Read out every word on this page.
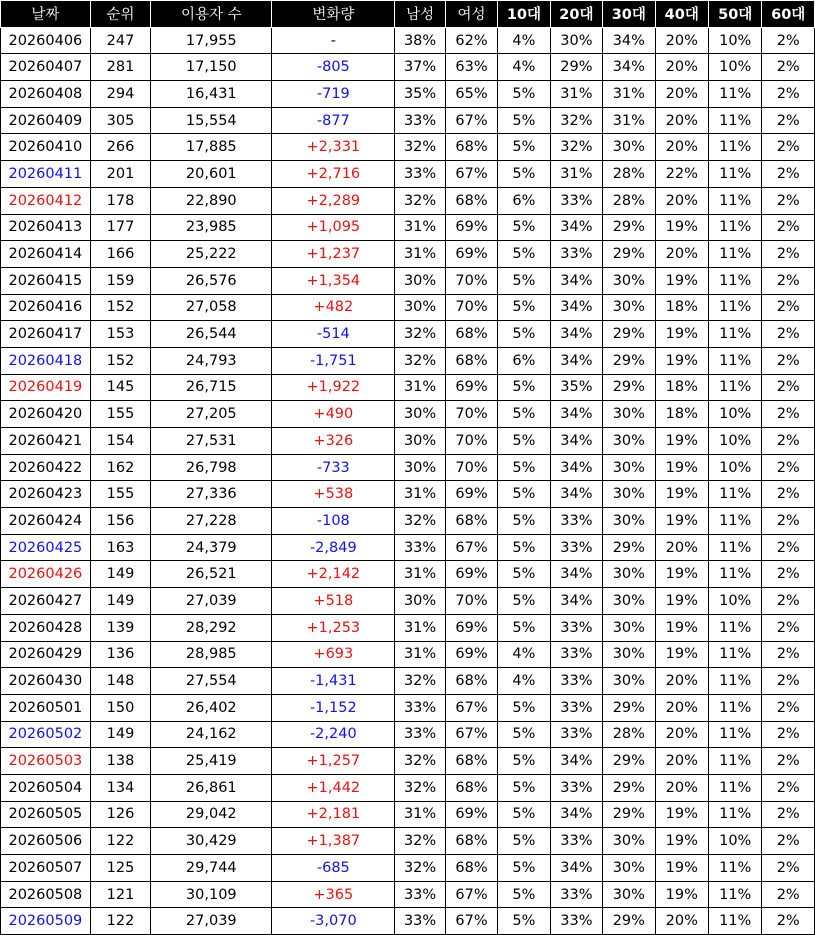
날짜	순위	이용자 수	변화량	남성	여성	10대	20대	30대	40대	50대	60대
20260406	247	17,955	-	38%	62%	4%	30%	34%	20%	10%	2%
20260407	281	17,150	-805	37%	63%	4%	29%	34%	20%	10%	2%
20260408	294	16,431	-719	35%	65%	5%	31%	31%	20%	11%	2%
20260409	305	15,554	-877	33%	67%	5%	32%	31%	20%	11%	2%
20260410	266	17,885	+2,331	32%	68%	5%	32%	30%	20%	11%	2%
20260411	201	20,601	+2,716	33%	67%	5%	31%	28%	22%	11%	2%
20260412	178	22,890	+2,289	32%	68%	6%	33%	28%	20%	11%	2%
20260413	177	23,985	+1,095	31%	69%	5%	34%	29%	19%	11%	2%
20260414	166	25,222	+1,237	31%	69%	5%	33%	29%	20%	11%	2%
20260415	159	26,576	+1,354	30%	70%	5%	34%	30%	19%	11%	2%
20260416	152	27,058	+482	30%	70%	5%	34%	30%	18%	11%	2%
20260417	153	26,544	-514	32%	68%	5%	34%	29%	19%	11%	2%
20260418	152	24,793	-1,751	32%	68%	6%	34%	29%	19%	11%	2%
20260419	145	26,715	+1,922	31%	69%	5%	35%	29%	18%	11%	2%
20260420	155	27,205	+490	30%	70%	5%	34%	30%	18%	10%	2%
20260421	154	27,531	+326	30%	70%	5%	34%	30%	19%	10%	2%
20260422	162	26,798	-733	30%	70%	5%	34%	30%	19%	10%	2%
20260423	155	27,336	+538	31%	69%	5%	34%	30%	19%	11%	2%
20260424	156	27,228	-108	32%	68%	5%	33%	30%	19%	11%	2%
20260425	163	24,379	-2,849	33%	67%	5%	33%	29%	20%	11%	2%
20260426	149	26,521	+2,142	31%	69%	5%	34%	30%	19%	11%	2%
20260427	149	27,039	+518	30%	70%	5%	34%	30%	19%	10%	2%
20260428	139	28,292	+1,253	31%	69%	5%	33%	30%	19%	11%	2%
20260429	136	28,985	+693	31%	69%	4%	33%	30%	19%	11%	2%
20260430	148	27,554	-1,431	32%	68%	4%	33%	30%	20%	11%	2%
20260501	150	26,402	-1,152	33%	67%	5%	33%	29%	20%	11%	2%
20260502	149	24,162	-2,240	33%	67%	5%	33%	28%	20%	11%	2%
20260503	138	25,419	+1,257	32%	68%	5%	34%	29%	20%	11%	2%
20260504	134	26,861	+1,442	32%	68%	5%	33%	29%	20%	11%	2%
20260505	126	29,042	+2,181	31%	69%	5%	34%	29%	19%	11%	2%
20260506	122	30,429	+1,387	32%	68%	5%	33%	30%	19%	10%	2%
20260507	125	29,744	-685	32%	68%	5%	34%	30%	19%	11%	2%
20260508	121	30,109	+365	33%	67%	5%	33%	30%	19%	11%	2%
20260509	122	27,039	-3,070	33%	67%	5%	33%	29%	20%	11%	2%
